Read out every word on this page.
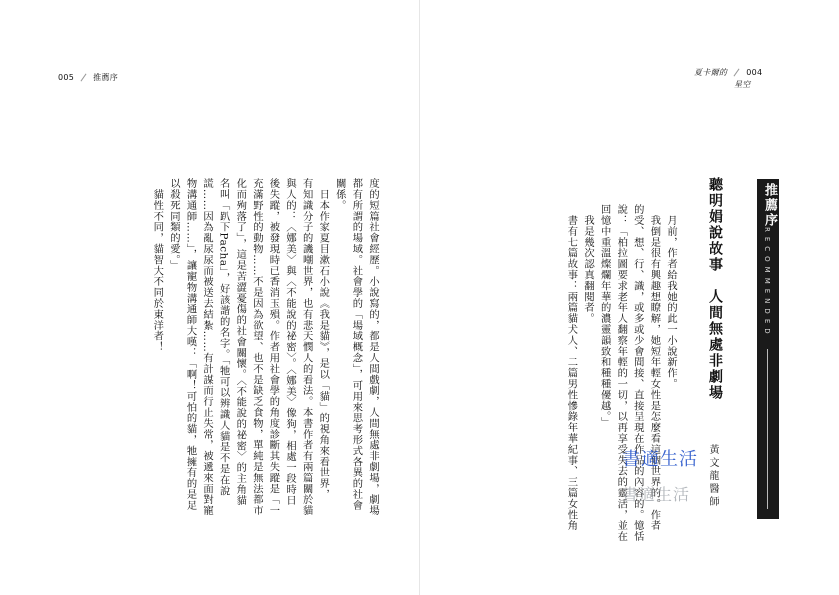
005 推薦序
夏卡爾的 004
星空
推薦序
RECOMMENDED
聽明娟說故事　人間無處非劇場
　月前，作者給我她的此一小說新作。
　我倒是很有興趣想瞭解，她短年輕女性是怎麼看這個世界的。作者
的受、想、行、識，或多或少會間接、直接呈現在作品的內容的。憶恬
說：「柏拉圖要求老年人翻察年輕的一切，以再享受失去的靈活，並在
回憶中重溫燦爛年華的濃靈韻致和種種優越。」
　我是幾次認真翻閱者。
　書有七篇故事：兩篇貓犬人、二篇男性慘錄年華紀事、三篇女性角	黃文龍醫師
書適生活
書適生活
度的短篇社會經歷。小說寫的，都是人間戲劇，人間無處非劇場，劇場
都有所謂的場域。社會學的「場域概念」，可用來思考形式各異的社會
關係。
　日本作家夏目漱石小說《我是貓》，是以「貓」的視角來看世界，
有知識分子的譏嘲世界，也有悲天憫人的看法。本書作者有兩篇關於貓
與人的：〈娜美〉與〈不能說的祕密〉。〈娜美〉像狗，相處一段時日
後失蹤，被發現時已香消玉殞。作者用社會學的角度診斷其失蹤是「一
充滿野性的動物……不是因為欲望、也不是缺乏食物，單純是無法都市
化而殉落了」，這是苦澀憂傷的社會關懷。〈不能說的祕密〉的主角貓
名叫「趴下Pacha」，好該諧的名字。「牠可以辨識人貓是不是在說
謊……因為亂尿尿而被送去結紮……有計謀而行止失常，被遞來面對寵
物溝通師……」，讓寵物溝通師大嘆：「啊！可怕的貓，牠擁有的是足
以殺死同類的愛。」
　貓性不同，貓智大不同於東洋者！
